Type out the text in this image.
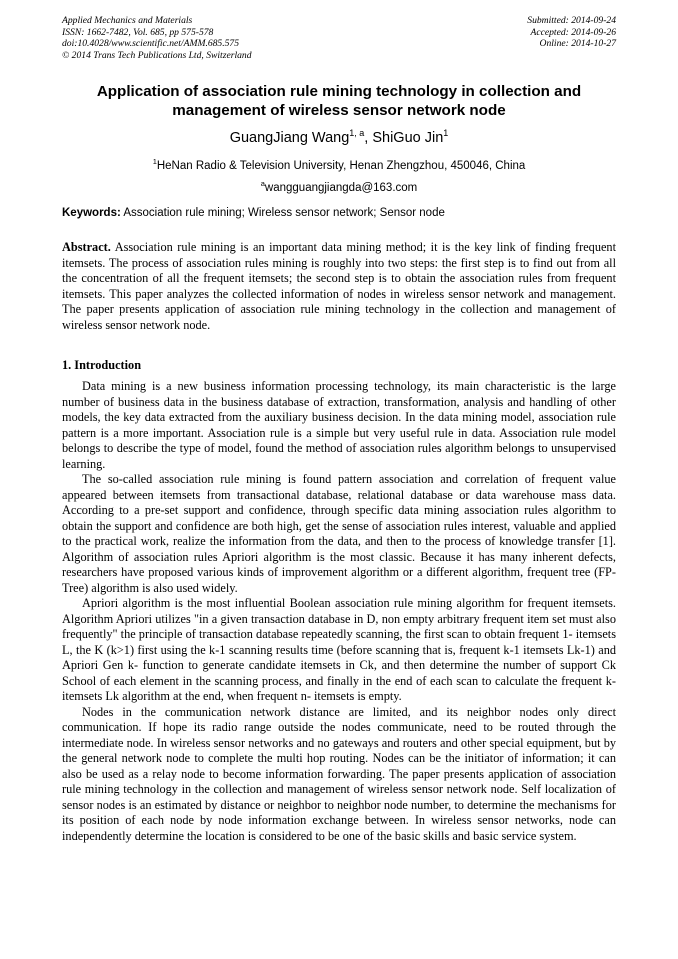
Applied Mechanics and Materials
ISSN: 1662-7482, Vol. 685, pp 575-578
doi:10.4028/www.scientific.net/AMM.685.575
© 2014 Trans Tech Publications Ltd, Switzerland
Submitted: 2014-09-24
Accepted: 2014-09-26
Online: 2014-10-27
Application of association rule mining technology in collection and management of wireless sensor network node
GuangJiang Wang$^{1, a}$, ShiGuo Jin$^1$
$^1$HeNan Radio & Television University, Henan Zhengzhou, 450046, China
$^a$wangguangjiangda@163.com
Keywords: Association rule mining; Wireless sensor network; Sensor node
Abstract. Association rule mining is an important data mining method; it is the key link of finding frequent itemsets. The process of association rules mining is roughly into two steps: the first step is to find out from all the concentration of all the frequent itemsets; the second step is to obtain the association rules from frequent itemsets. This paper analyzes the collected information of nodes in wireless sensor network and management. The paper presents application of association rule mining technology in the collection and management of wireless sensor network node.
1. Introduction

Data mining is a new business information processing technology, its main characteristic is the large number of business data in the business database of extraction, transformation, analysis and handling of other models, the key data extracted from the auxiliary business decision. In the data mining model, association rule pattern is a more important. Association rule is a simple but very useful rule in data. Association rule model belongs to describe the type of model, found the method of association rules algorithm belongs to unsupervised learning.

The so-called association rule mining is found pattern association and correlation of frequent value appeared between itemsets from transactional database, relational database or data warehouse mass data. According to a pre-set support and confidence, through specific data mining association rules algorithm to obtain the support and confidence are both high, get the sense of association rules interest, valuable and applied to the practical work, realize the information from the data, and then to the process of knowledge transfer [1]. Algorithm of association rules Apriori algorithm is the most classic. Because it has many inherent defects, researchers have proposed various kinds of improvement algorithm or a different algorithm, frequent tree (FP-Tree) algorithm is also used widely.

Apriori algorithm is the most influential Boolean association rule mining algorithm for frequent itemsets. Algorithm Apriori utilizes "in a given transaction database in D, non empty arbitrary frequent item set must also frequently" the principle of transaction database repeatedly scanning, the first scan to obtain frequent 1- itemsets L, the K (k>1) first using the k-1 scanning results time (before scanning that is, frequent k-1 itemsets Lk-1) and Apriori Gen k- function to generate candidate itemsets in Ck, and then determine the number of support Ck School of each element in the scanning process, and finally in the end of each scan to calculate the frequent k- itemsets Lk algorithm at the end, when frequent n- itemsets is empty.

Nodes in the communication network distance are limited, and its neighbor nodes only direct communication. If hope its radio range outside the nodes communicate, need to be routed through the intermediate node. In wireless sensor networks and no gateways and routers and other special equipment, but by the general network node to complete the multi hop routing. Nodes can be the initiator of information; it can also be used as a relay node to become information forwarding. The paper presents application of association rule mining technology in the collection and management of wireless sensor network node. Self localization of sensor nodes is an estimated by distance or neighbor to neighbor node number, to determine the mechanisms for its position of each node by node information exchange between. In wireless sensor networks, node can independently determine the location is considered to be one of the basic skills and basic service system.
